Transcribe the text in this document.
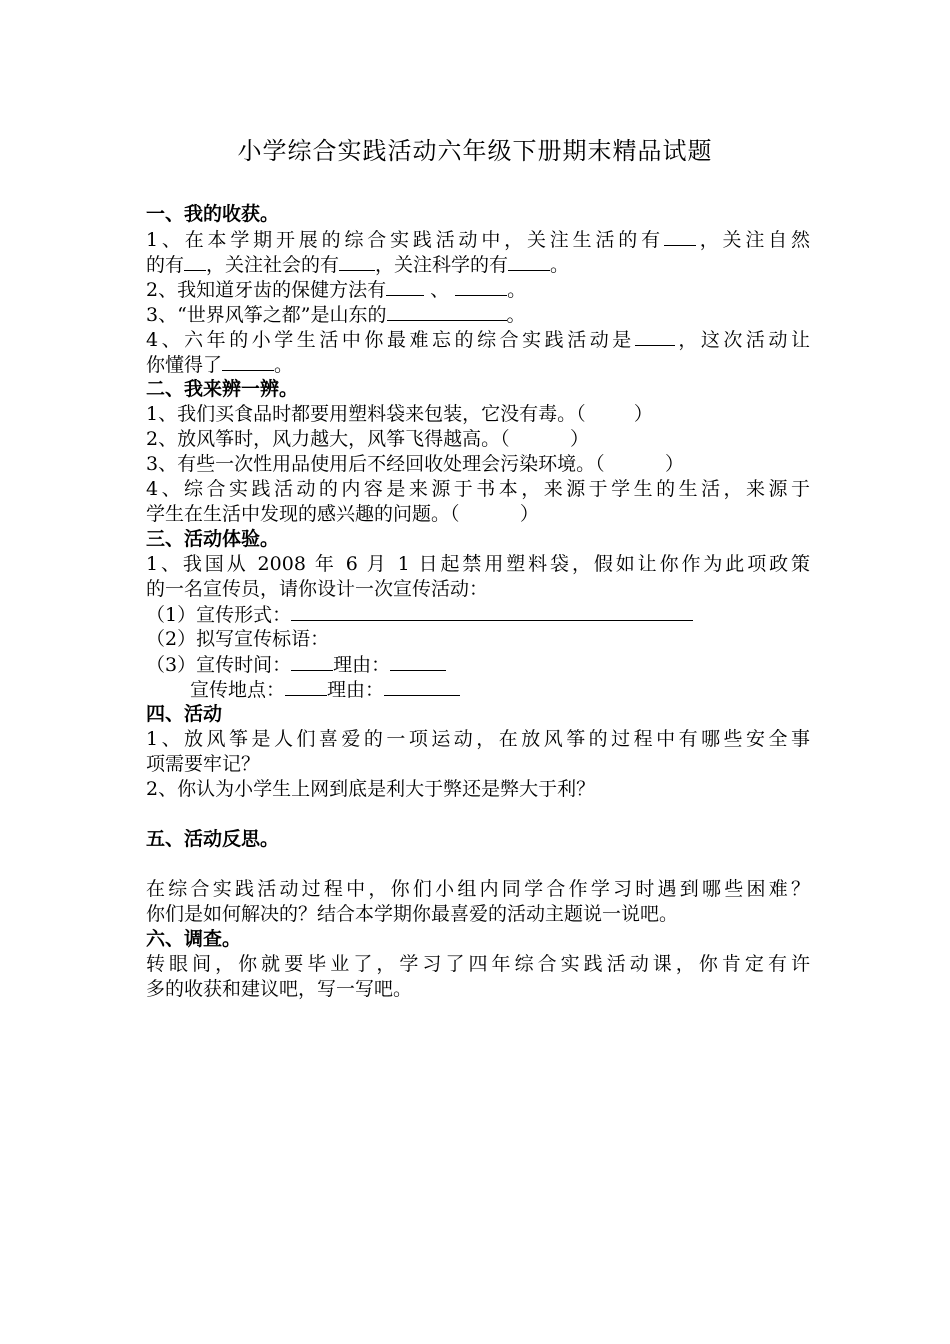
小学综合实践活动六年级下册期末精品试题
一、我的收获。
1、在本学期开展的综合实践活动中，关注生活的有 ，关注自然
的有 ，关注社会的有 ，关注科学的有 。
2、我知道牙齿的保健方法有 、	。
3、“世界风筝之都”是山东的	。
4、六年的小学生活中你最难忘的综合实践活动是 ，这次活动让
你懂得了	。
二、我来辨一辨。
1、我们买食品时都要用塑料袋来包装，它没有毒。（        ）
2、放风筝时，风力越大，风筝飞得越高。（          ）
3、有些一次性用品使用后不经回收处理会污染环境。（          ）
4、综合实践活动的内容是来源于书本，来源于学生的生活，来源于
学生在生活中发现的感兴趣的问题。（          ）
三、活动体验。
1、我国从 2008 年 6 月 1 日起禁用塑料袋，假如让你作为此项政策
的一名宣传员，请你设计一次宣传活动：
（1）宣传形式：
（2）拟写宣传标语：
（3）宣传时间： 理由：
宣传地点： 理由：
四、活动
1、放风筝是人们喜爱的一项运动，在放风筝的过程中有哪些安全事
项需要牢记？
2、你认为小学生上网到底是利大于弊还是弊大于利？
五、活动反思。
在综合实践活动过程中，你们小组内同学合作学习时遇到哪些困难？
你们是如何解决的？结合本学期你最喜爱的活动主题说一说吧。
六、调查。
转眼间，你就要毕业了，学习了四年综合实践活动课，你肯定有许
多的收获和建议吧，写一写吧。
